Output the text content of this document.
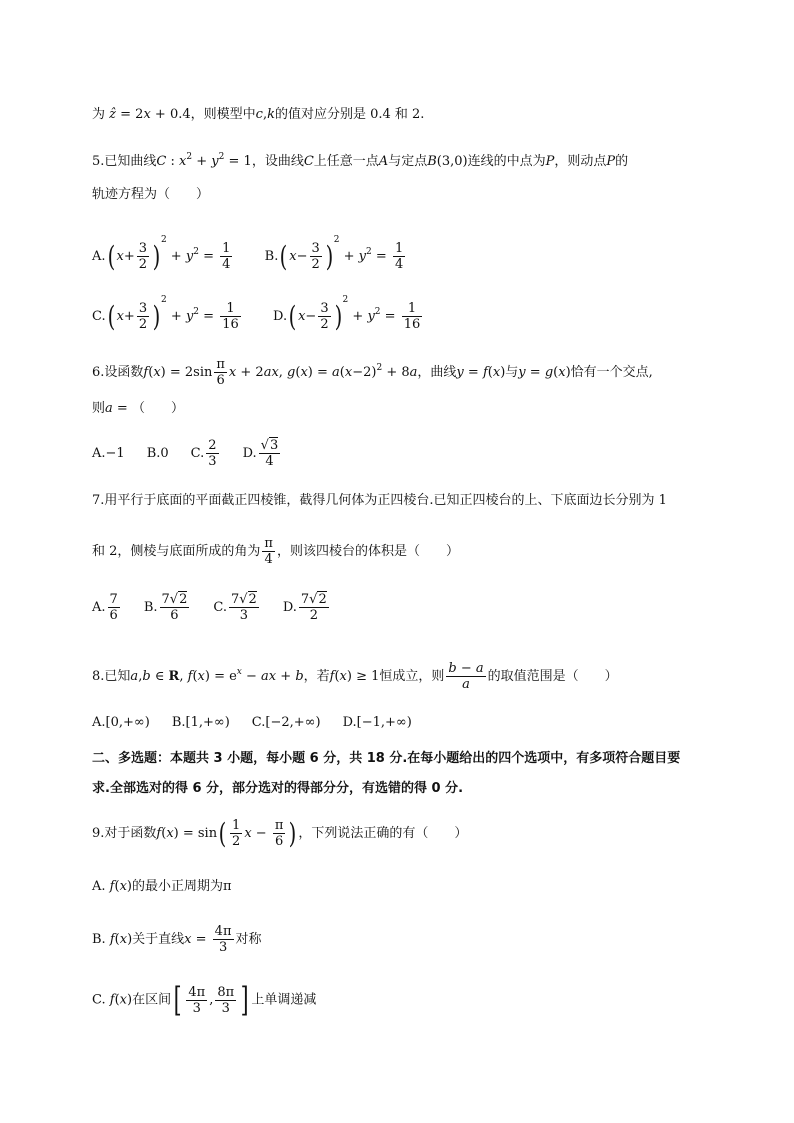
为 ẑ = 2x + 0.4，则模型中c,k的值对应分别是 0.4 和 2.
5.已知曲线C : $x^2 + y^2 = 1$，设曲线C上任意一点A与定点B(3,0)连线的中点为P，则动点P的
轨迹方程为（　　）
A.( $x+ \frac{3}{2} )^2 + y^2 = \frac{1}{4} B$.( $x- \frac{3}{2} )^2 + y^2 = \frac{1}{4}$
C.( $x+ \frac{3}{2} )^2 + y^2 = \frac{1}{16} D$.( $x- \frac{3}{2} )^2 + y^2 = \frac{1}{16}$
6.设函数$f(x) = 2\sin \frac{\pi}{6}$ x + 2ax, $g(x) = a(x-2)^2 + 8a$，曲线y = f(x)与y = g(x)恰有一个交点,
则a = （　　）
A.−1 B.0 C. $\frac{2}{3} D$. $\frac{√3}{4}$
7.用平行于底面的平面截正四棱锥，截得几何体为正四棱台.已知正四棱台的上、下底面边长分别为 1
和 2，侧棱与底面所成的角为 $\frac{\pi}{4}$ ，则该四棱台的体积是（　　）
A. $\frac{7}{6} B$. $\frac{7√2}{6} C$. $\frac{7√2}{3} D$. $\frac{7√2}{2}$
8.已知a,b ∈ R, $f(x) = e^x$ − ax + b，若f(x) ≥ 1恒成立，则 $\frac{b - a}{a}$ 的取值范围是（　　）
A.[0,+∞) B.[1,+∞) C.[−2,+∞) D.[−1,+∞)
二、多选题：本题共 3 小题，每小题 6 分，共 18 分.在每小题给出的四个选项中，有多项符合题目要
求.全部选对的得 6 分，部分选对的得部分分，有选错的得 0 分.
9.对于函数$f(x) = \sin( \frac{1}{2}$ $x - \frac{\pi}{6}$ ) ，下列说法正确的有（　　）
A. f(x)的最小正周期为π
B. f(x)关于直线$x = \frac{4\pi}{3}$ 对称
C. f(x)在区间[ $\frac{4\pi}{3}$ , $\frac{8\pi}{3}$ ] 上单调递减
